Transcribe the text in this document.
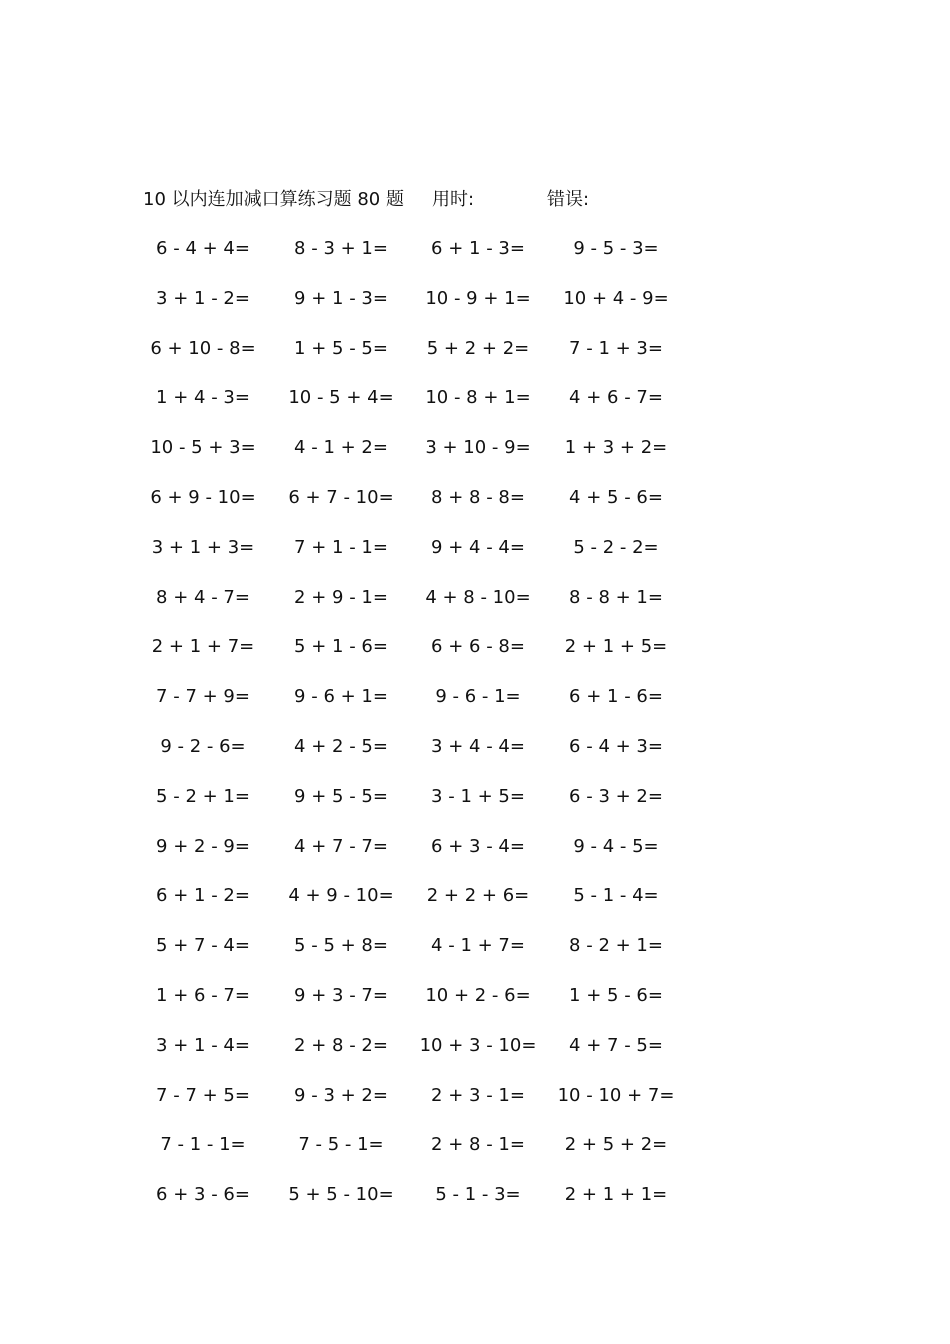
10 以内连加减口算练习题 80 题 用时:	错误:
6 - 4 + 4=	8 - 3 + 1=	6 + 1 - 3=	9 - 5 - 3=
3 + 1 - 2=	9 + 1 - 3=	10 - 9 + 1=	10 + 4 - 9=
6 + 10 - 8=	1 + 5 - 5=	5 + 2 + 2=	7 - 1 + 3=
1 + 4 - 3=	10 - 5 + 4=	10 - 8 + 1=	4 + 6 - 7=
10 - 5 + 3=	4 - 1 + 2=	3 + 10 - 9=	1 + 3 + 2=
6 + 9 - 10=	6 + 7 - 10=	8 + 8 - 8=	4 + 5 - 6=
3 + 1 + 3=	7 + 1 - 1=	9 + 4 - 4=	5 - 2 - 2=
8 + 4 - 7=	2 + 9 - 1=	4 + 8 - 10=	8 - 8 + 1=
2 + 1 + 7=	5 + 1 - 6=	6 + 6 - 8=	2 + 1 + 5=
7 - 7 + 9=	9 - 6 + 1=	9 - 6 - 1=	6 + 1 - 6=
9 - 2 - 6=	4 + 2 - 5=	3 + 4 - 4=	6 - 4 + 3=
5 - 2 + 1=	9 + 5 - 5=	3 - 1 + 5=	6 - 3 + 2=
9 + 2 - 9=	4 + 7 - 7=	6 + 3 - 4=	9 - 4 - 5=
6 + 1 - 2=	4 + 9 - 10=	2 + 2 + 6=	5 - 1 - 4=
5 + 7 - 4=	5 - 5 + 8=	4 - 1 + 7=	8 - 2 + 1=
1 + 6 - 7=	9 + 3 - 7=	10 + 2 - 6=	1 + 5 - 6=
3 + 1 - 4=	2 + 8 - 2=	10 + 3 - 10=	4 + 7 - 5=
7 - 7 + 5=	9 - 3 + 2=	2 + 3 - 1=	10 - 10 + 7=
7 - 1 - 1=	7 - 5 - 1=	2 + 8 - 1=	2 + 5 + 2=
6 + 3 - 6=	5 + 5 - 10=	5 - 1 - 3=	2 + 1 + 1=
